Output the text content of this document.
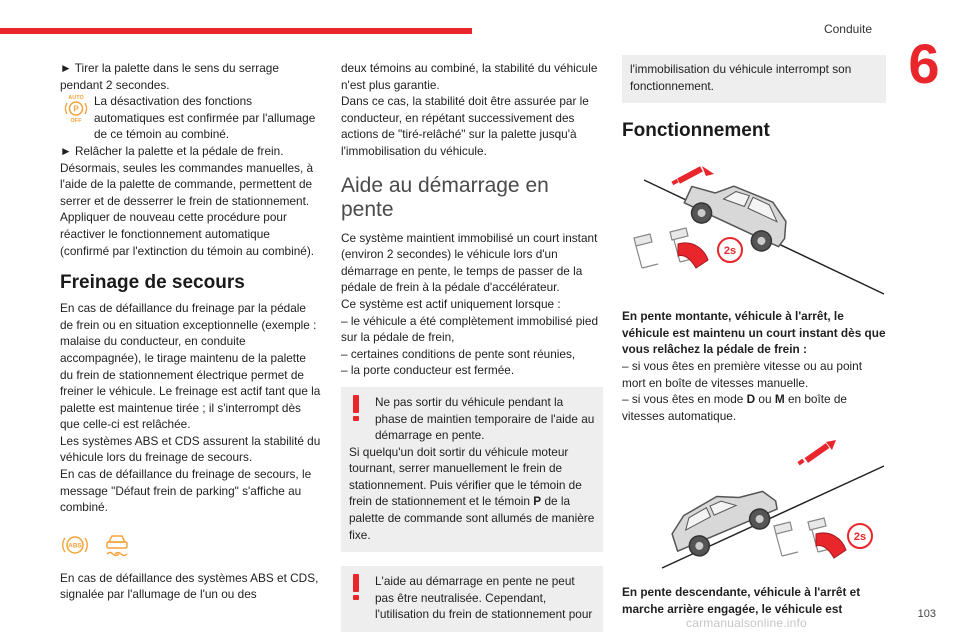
Conduite
6

► Tirer la palette dans le sens du serrage pendant 2 secondes.

AUTO
P
OFF

La désactivation des fonctions automatiques est confirmée par l'allumage de ce témoin au combiné.

► Relâcher la palette et la pédale de frein.

Désormais, seules les commandes manuelles, à l'aide de la palette de commande, permettent de serrer et de desserrer le frein de stationnement.

Appliquer de nouveau cette procédure pour réactiver le fonctionnement automatique (confirmé par l'extinction du témoin au combiné).

Freinage de secours

En cas de défaillance du freinage par la pédale de frein ou en situation exceptionnelle (exemple : malaise du conducteur, en conduite accompagnée), le tirage maintenu de la palette du frein de stationnement électrique permet de freiner le véhicule. Le freinage est actif tant que la palette est maintenue tirée ; il s'interrompt dès que celle-ci est relâchée.

Les systèmes ABS et CDS assurent la stabilité du véhicule lors du freinage de secours.

En cas de défaillance du freinage de secours, le message "Défaut frein de parking" s'affiche au combiné.

ABS

En cas de défaillance des systèmes ABS et CDS, signalée par l'allumage de l'un ou des

deux témoins au combiné, la stabilité du véhicule n'est plus garantie.

Dans ce cas, la stabilité doit être assurée par le conducteur, en répétant successivement des actions de "tiré-relâché" sur la palette jusqu'à l'immobilisation du véhicule.

Aide au démarrage en pente

Ce système maintient immobilisé un court instant (environ 2 secondes) le véhicule lors d'un démarrage en pente, le temps de passer de la pédale de frein à la pédale d'accélérateur.

Ce système est actif uniquement lorsque :

– le véhicule a été complètement immobilisé pied sur la pédale de frein,

– certaines conditions de pente sont réunies,

– la porte conducteur est fermée.

Ne pas sortir du véhicule pendant la phase de maintien temporaire de l'aide au démarrage en pente.

Si quelqu'un doit sortir du véhicule moteur tournant, serrer manuellement le frein de stationnement. Puis vérifier que le témoin de frein de stationnement et le témoin P de la palette de commande sont allumés de manière fixe.

L'aide au démarrage en pente ne peut pas être neutralisée. Cependant, l'utilisation du frein de stationnement pour

l'immobilisation du véhicule interrompt son fonctionnement.

Fonctionnement
2s

En pente montante, véhicule à l'arrêt, le véhicule est maintenu un court instant dès que vous relâchez la pédale de frein :

– si vous êtes en première vitesse ou au point mort en boîte de vitesses manuelle.

– si vous êtes en mode D ou M en boîte de vitesses automatique.

2s

En pente descendante, véhicule à l'arrêt et marche arrière engagée, le véhicule est

carmanualsonline.info
103
